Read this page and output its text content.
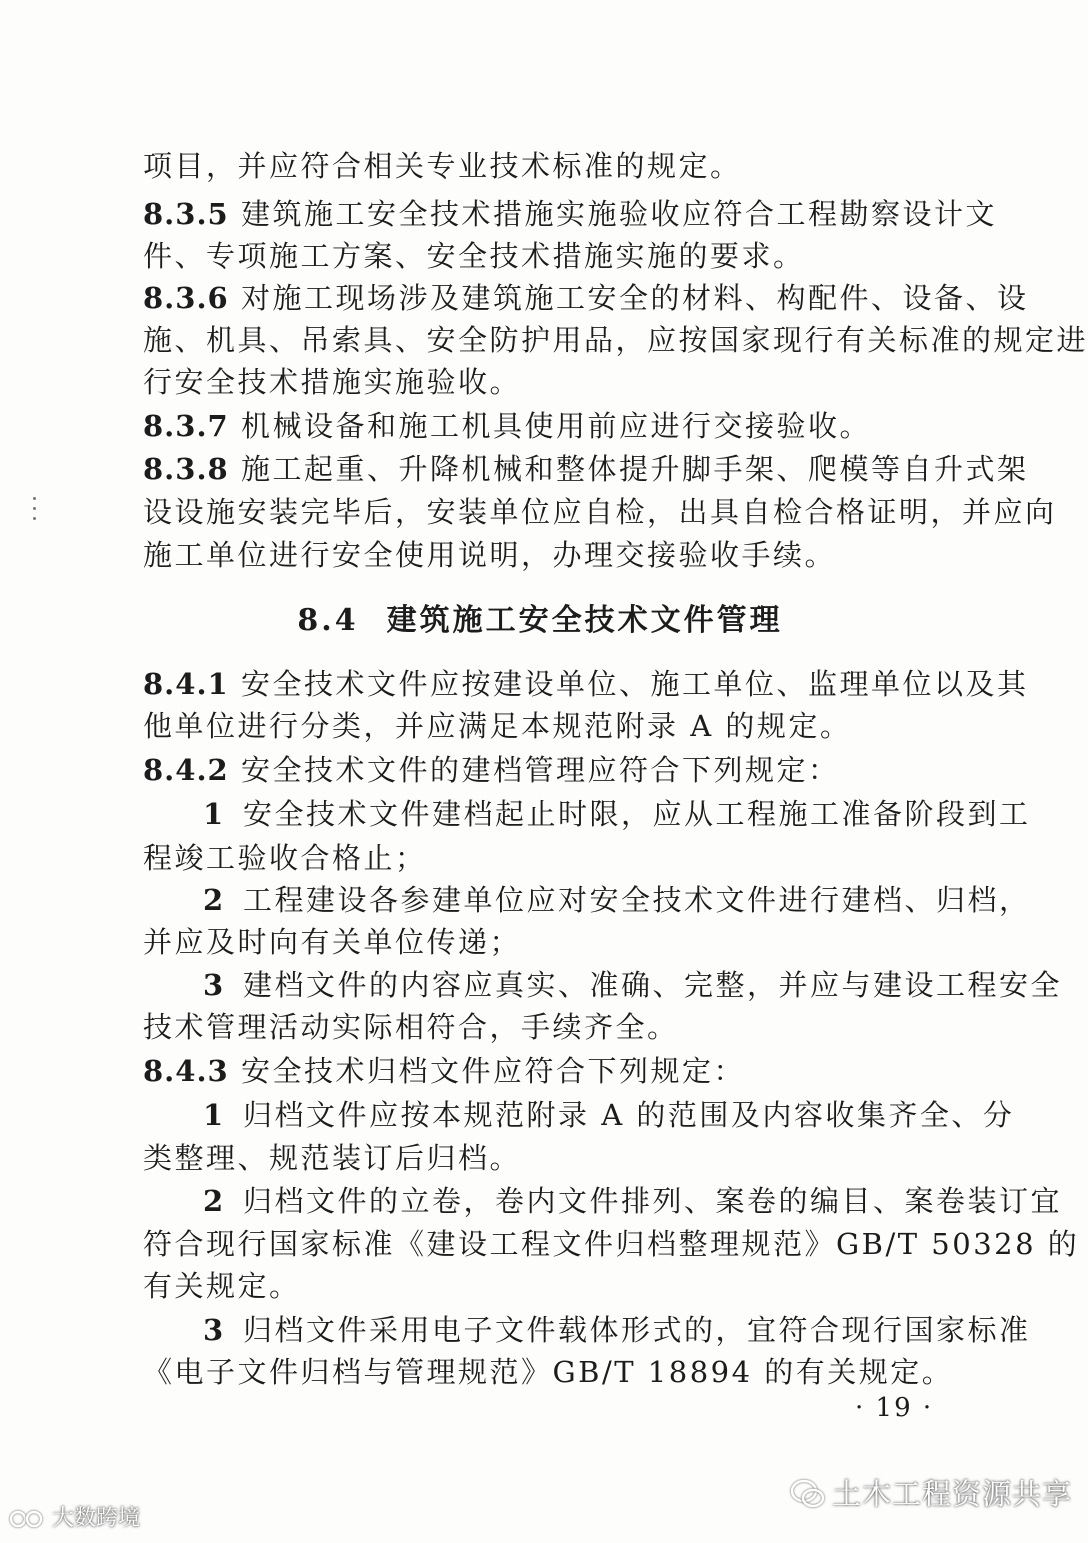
项目，并应符合相关专业技术标准的规定。
8.3.5 建筑施工安全技术措施实施验收应符合工程勘察设计文
件、专项施工方案、安全技术措施实施的要求。
8.3.6 对施工现场涉及建筑施工安全的材料、构配件、设备、设
施、机具、吊索具、安全防护用品，应按国家现行有关标准的规定进
行安全技术措施实施验收。
8.3.7 机械设备和施工机具使用前应进行交接验收。
8.3.8 施工起重、升降机械和整体提升脚手架、爬模等自升式架
设设施安装完毕后，安装单位应自检，出具自检合格证明，并应向
施工单位进行安全使用说明，办理交接验收手续。
8.4 建筑施工安全技术文件管理
8.4.1 安全技术文件应按建设单位、施工单位、监理单位以及其
他单位进行分类，并应满足本规范附录 A 的规定。
8.4.2 安全技术文件的建档管理应符合下列规定：
1 安全技术文件建档起止时限，应从工程施工准备阶段到工
程竣工验收合格止；
2 工程建设各参建单位应对安全技术文件进行建档、归档，
并应及时向有关单位传递；
3 建档文件的内容应真实、准确、完整，并应与建设工程安全
技术管理活动实际相符合，手续齐全。
8.4.3 安全技术归档文件应符合下列规定：
1 归档文件应按本规范附录 A 的范围及内容收集齐全、分
类整理、规范装订后归档。
2 归档文件的立卷，卷内文件排列、案卷的编目、案卷装订宜
符合现行国家标准《建设工程文件归档整理规范》GB/T 50328 的
有关规定。
3 归档文件采用电子文件载体形式的，宜符合现行国家标准
《电子文件归档与管理规范》GB/T 18894 的有关规定。
· 19 ·
土木工程资源共享
大数跨境
